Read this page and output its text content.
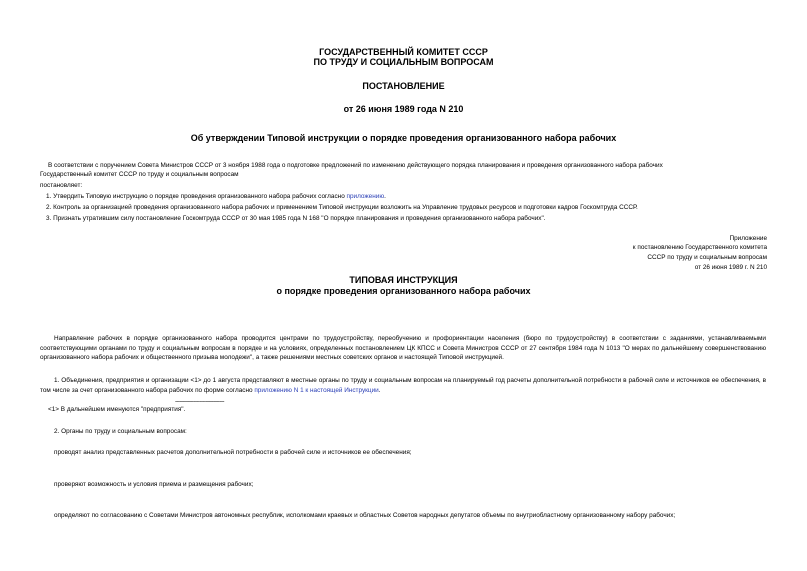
ГОСУДАРСТВЕННЫЙ КОМИТЕТ СССР
ПО ТРУДУ И СОЦИАЛЬНЫМ ВОПРОСАМ
ПОСТАНОВЛЕНИЕ
от 26 июня 1989 года N 210
Об утверждении Типовой инструкции о порядке проведения организованного набора рабочих
В соответствии с поручением Совета Министров СССР от 3 ноября 1988 года о подготовке предложений по изменению действующего порядка планирования и проведения организованного набора рабочих
Государственный комитет СССР по труду и социальным вопросам
постановляет:
1. Утвердить Типовую инструкцию о порядке проведения организованного набора рабочих согласно приложению.
2. Контроль за организацией проведения организованного набора рабочих и применением Типовой инструкции возложить на Управление трудовых ресурсов и подготовки кадров Госкомтруда СССР.
3. Признать утратившим силу постановление Госкомтруда СССР от 30 мая 1985 года N 168 "О порядке планирования и проведения организованного набора рабочих".
Приложение
к постановлению Государственного комитета
СССР по труду и социальным вопросам
от 26 июня 1989 г. N 210
ТИПОВАЯ ИНСТРУКЦИЯ
о порядке проведения организованного набора рабочих
Направление рабочих в порядке организованного набора проводится центрами по трудоустройству, переобучению и профориентации населения (бюро по трудоустройству) в соответствии с заданиями, устанавливаемыми соответствующими органами по труду и социальным вопросам в порядке и на условиях, определенных постановлением ЦК КПСС и Совета Министров СССР от 27 сентября 1984 года N 1013 "О мерах по дальнейшему совершенствованию организованного набора рабочих и общественного призыва молодежи", а также решениями местных советских органов и настоящей Типовой инструкцией.
1. Объединения, предприятия и организации <1> до 1 августа представляют в местные органы по труду и социальным вопросам на планируемый год расчеты дополнительной потребности в рабочей силе и источников ее обеспечения, в том числе за счет организованного набора рабочих по форме согласно приложению N 1 к настоящей Инструкции.
--------------------------------
<1> В дальнейшем именуются "предприятия".
2. Органы по труду и социальным вопросам:
проводят анализ представленных расчетов дополнительной потребности в рабочей силе и источников ее обеспечения;
проверяют возможность и условия приема и размещения рабочих;
определяют по согласованию с Советами Министров автономных республик, исполкомами краевых и областных Советов народных депутатов объемы по внутриобластному организованному набору рабочих;
